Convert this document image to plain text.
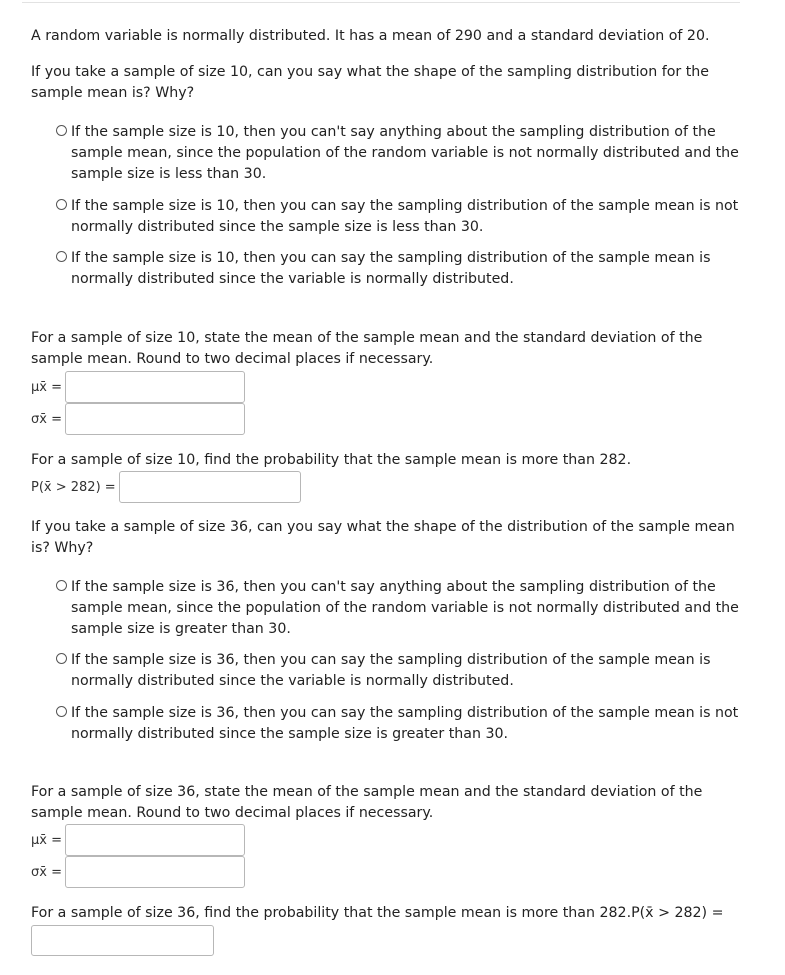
A random variable is normally distributed. It has a mean of 290 and a standard deviation of 20.

If you take a sample of size 10, can you say what the shape of the sampling distribution for the sample mean is? Why?

If the sample size is 10, then you can't say anything about the sampling distribution of the sample mean, since the population of the random variable is not normally distributed and the sample size is less than 30.
If the sample size is 10, then you can say the sampling distribution of the sample mean is not normally distributed since the sample size is less than 30.
If the sample size is 10, then you can say the sampling distribution of the sample mean is normally distributed since the variable is normally distributed.

For a sample of size 10, state the mean of the sample mean and the standard deviation of the sample mean. Round to two decimal places if necessary.

μx̄ =
σx̄ =

For a sample of size 10, find the probability that the sample mean is more than 282.

P(x̄ > 282) =

If you take a sample of size 36, can you say what the shape of the distribution of the sample mean is? Why?

If the sample size is 36, then you can't say anything about the sampling distribution of the sample mean, since the population of the random variable is not normally distributed and the sample size is greater than 30.
If the sample size is 36, then you can say the sampling distribution of the sample mean is normally distributed since the variable is normally distributed.
If the sample size is 36, then you can say the sampling distribution of the sample mean is not normally distributed since the sample size is greater than 30.

For a sample of size 36, state the mean of the sample mean and the standard deviation of the sample mean. Round to two decimal places if necessary.

μx̄ =
σx̄ =

For a sample of size 36, find the probability that the sample mean is more than 282.P(x̄ > 282) =
